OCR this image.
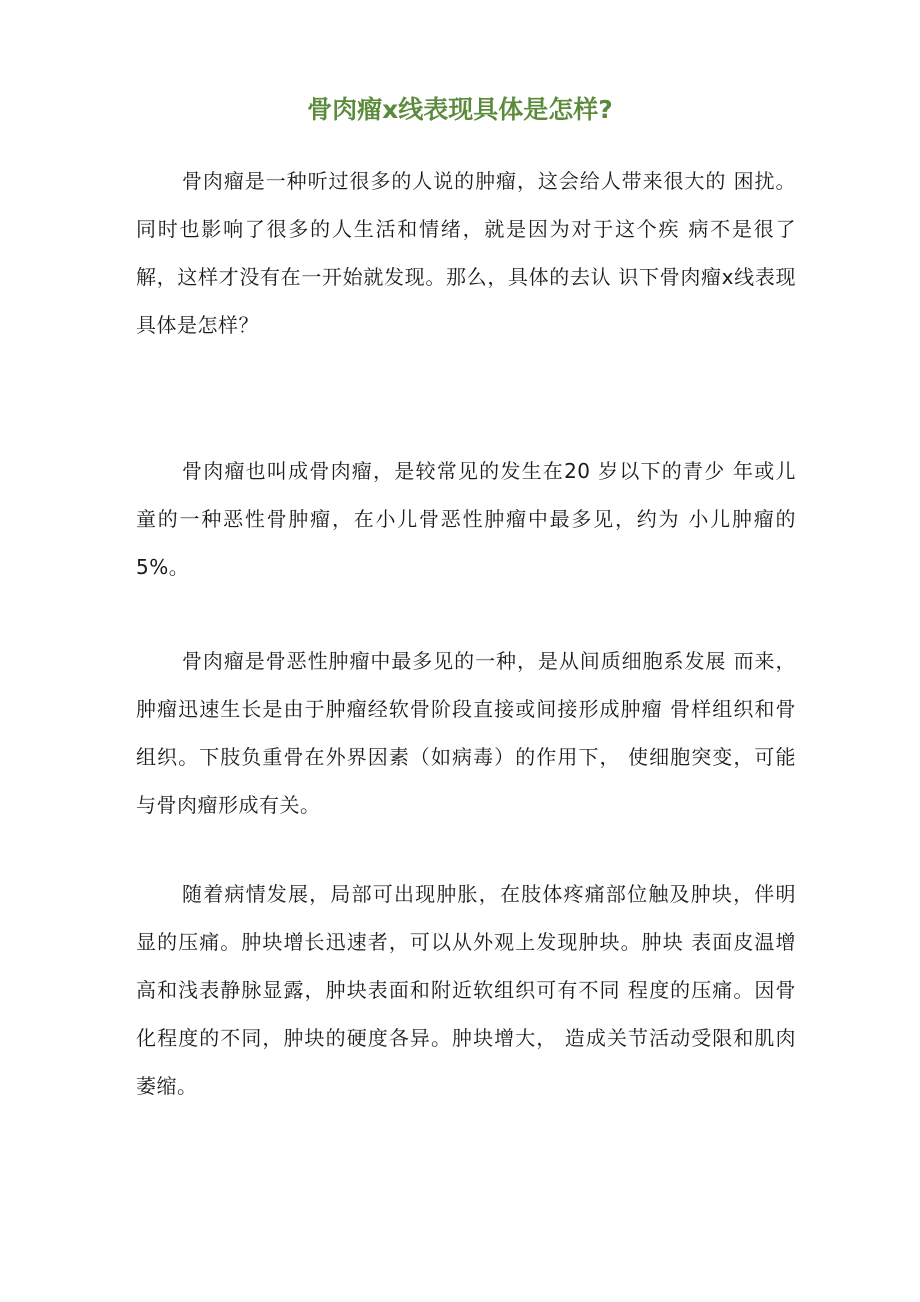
骨肉瘤x线表现具体是怎样?

骨肉瘤是一种听过很多的人说的肿瘤，这会给人带来很大的 困扰。同时也影响了很多的人生活和情绪，就是因为对于这个疾 病不是很了解，这样才没有在一开始就发现。那么，具体的去认 识下骨肉瘤x线表现具体是怎样？

骨肉瘤也叫成骨肉瘤，是较常见的发生在20 岁以下的青少 年或儿童的一种恶性骨肿瘤，在小儿骨恶性肿瘤中最多见，约为 小儿肿瘤的 5%。

骨肉瘤是骨恶性肿瘤中最多见的一种，是从间质细胞系发展 而来，肿瘤迅速生长是由于肿瘤经软骨阶段直接或间接形成肿瘤 骨样组织和骨组织。下肢负重骨在外界因素（如病毒）的作用下， 使细胞突变，可能与骨肉瘤形成有关。

随着病情发展，局部可出现肿胀，在肢体疼痛部位触及肿块，伴明显的压痛。肿块增长迅速者，可以从外观上发现肿块。肿块 表面皮温增高和浅表静脉显露，肿块表面和附近软组织可有不同 程度的压痛。因骨化程度的不同，肿块的硬度各异。肿块增大， 造成关节活动受限和肌肉萎缩。
